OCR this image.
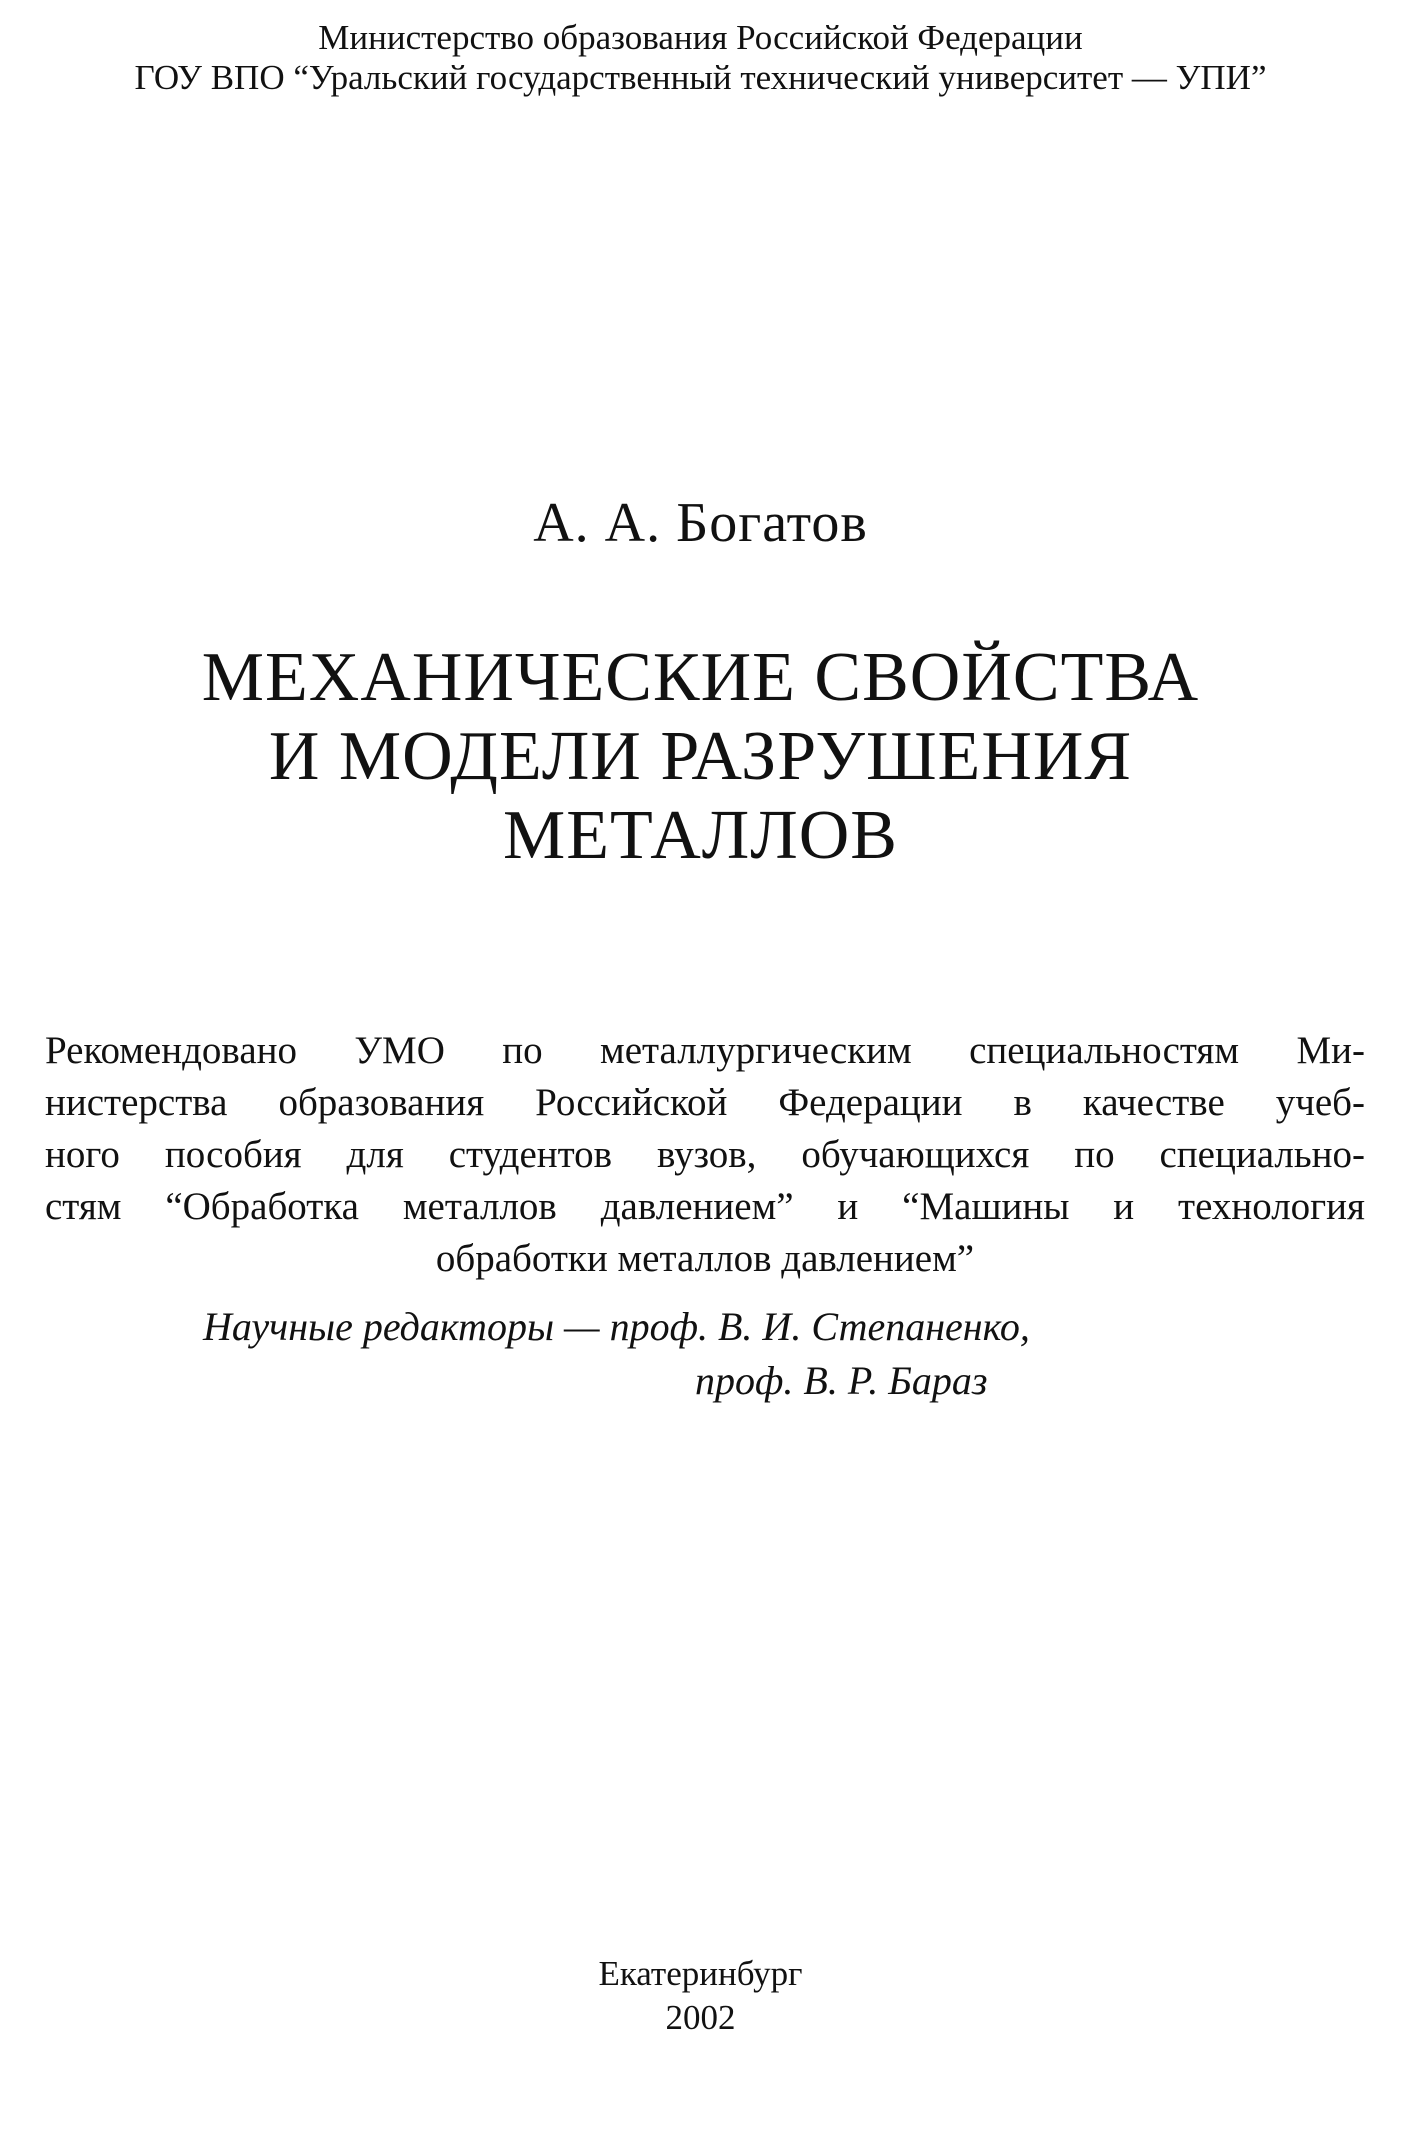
Министерство образования Российской Федерации
ГОУ ВПО “Уральский государственный технический университет — УПИ”
А. А. Богатов
МЕХАНИЧЕСКИЕ СВОЙСТВА
И МОДЕЛИ РАЗРУШЕНИЯ
МЕТАЛЛОВ
Рекомендовано УМО по металлургическим специальностям Ми-
нистерства образования Российской Федерации в качестве учеб-
ного пособия для студентов вузов, обучающихся по специально-
стям “Обработка металлов давлением” и “Машины и технология
обработки металлов давлением”
Научные редакторы — проф. В. И. Степаненко,
проф. В. Р. Бараз
Екатеринбург
2002
